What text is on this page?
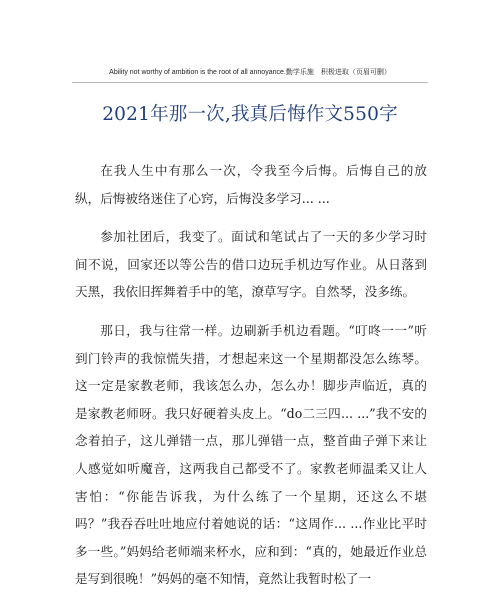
Ability not worthy of ambition is the root of all annoyance.勤学乐施　积极进取（页眉可删）
2021年那一次,我真后悔作文550字

在我人生中有那么一次，令我至今后悔。后悔自己的放纵，后悔被络迷住了心窍，后悔没多学习... ...

参加社团后，我变了。面试和笔试占了一天的多少学习时间不说，回家还以等公告的借口边玩手机边写作业。从日落到天黑，我依旧挥舞着手中的笔，潦草写字。自然琴，没多练。

那日，我与往常一样。边刷新手机边看题。“叮咚一一”听到门铃声的我惊慌失措，才想起来这一个星期都没怎么练琴。这一定是家教老师，我该怎么办，怎么办！脚步声临近，真的是家教老师呀。我只好硬着头皮上。“do二三四... ...”我不安的念着拍子，这儿弹错一点，那儿弹错一点，整首曲子弹下来让人感觉如听魔音，这两我自己都受不了。家教老师温柔又让人害怕：“你能告诉我，为什么练了一个星期，还这么不堪吗？”我吞吞吐吐地应付着她说的话：“这周作... ...作业比平时多一些。”妈妈给老师端来杯水，应和到：“真的，她最近作业总是写到很晚！”妈妈的毫不知情，竟然让我暂时松了一
